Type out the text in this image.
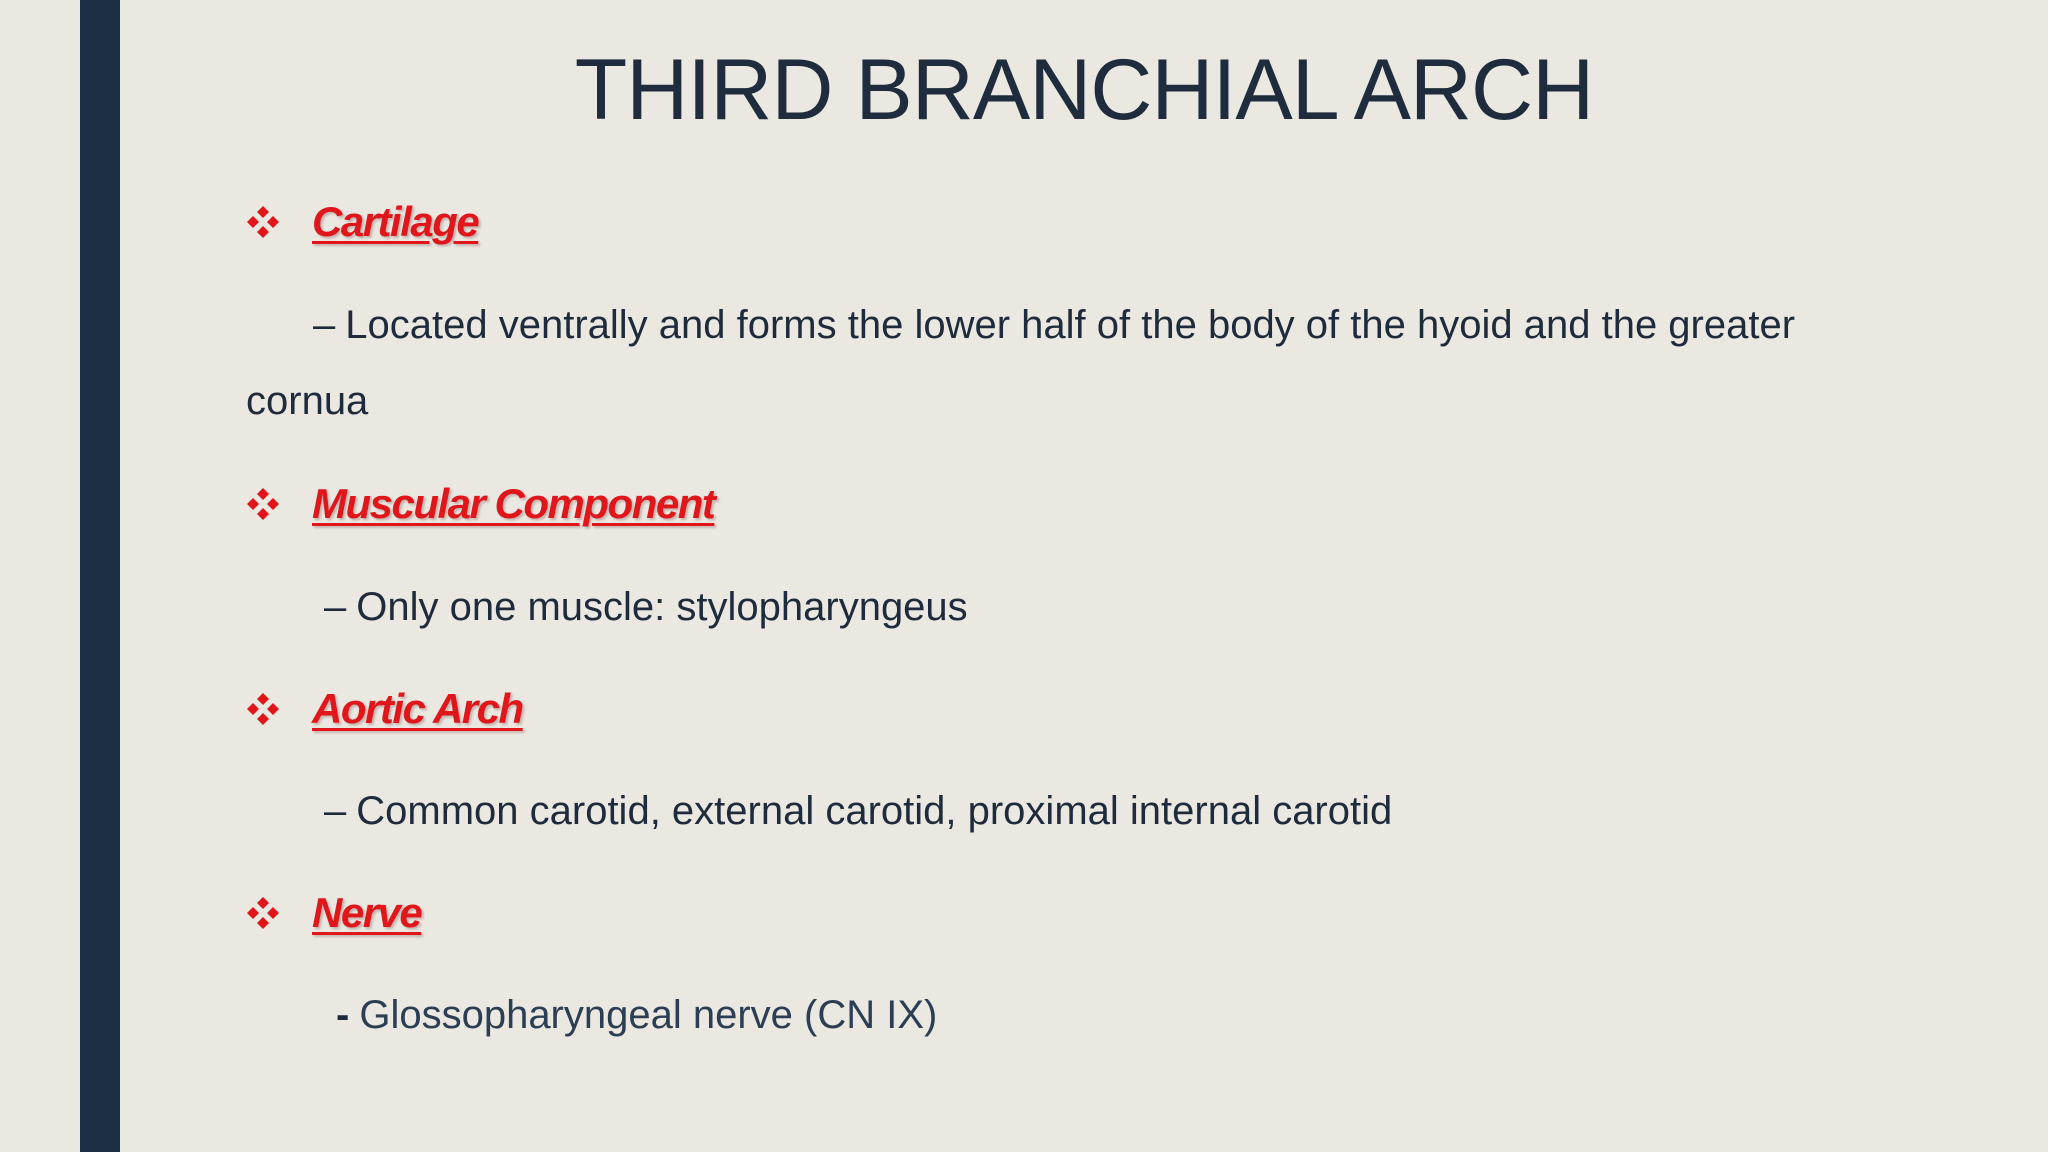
THIRD BRANCHIAL ARCH
Cartilage
– Located ventrally and forms the lower half of the body of the hyoid and the greater
cornua
Muscular Component
– Only one muscle: stylopharyngeus
Aortic Arch
– Common carotid, external carotid, proximal internal carotid
Nerve
- Glossopharyngeal nerve (CN IX)
